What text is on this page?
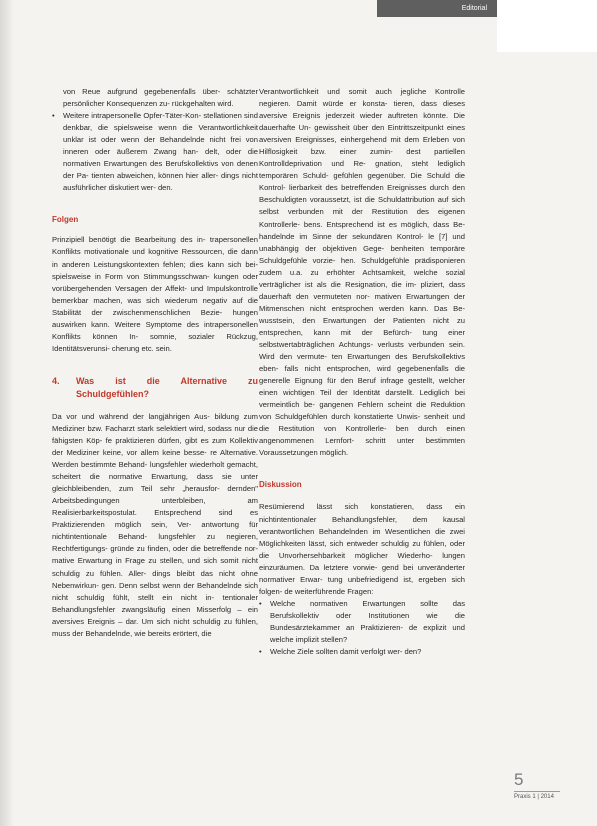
Editorial
von Reue aufgrund gegebenenfalls über- schätzter persönlicher Konsequenzen zu- rückgehalten wird.
• Weitere intrapersonelle Opfer-Täter-Kon- stellationen sind denkbar, die spielsweise wenn die Verantwortlichkeit unklar ist oder wenn der Behandelnde nicht frei von inneren oder äußerem Zwang han- delt, oder die normativen Erwartungen des Berufskollektivs von denen der Pa- tienten abweichen, können hier aller- dings nicht ausführlicher diskutiert wer- den.
Folgen

Prinzipiell benötigt die Bearbeitung des in- trapersonellen Konflikts motivationale und kognitive Ressourcen, die dann in anderen Leistungskontexten fehlen; dies kann sich bei- spielsweise in Form von Stimmungsschwan- kungen oder vorübergehenden Versagen der Affekt- und Impulskontrolle bemerkbar machen, was sich wiederum negativ auf die Stabilität der zwischenmenschlichen Bezie- hungen auswirken kann. Weitere Symptome des intrapersonellen Konflikts können In- somnie, sozialer Rückzug, Identitätsverunsi- cherung etc. sein.

4. Was ist die Alternative zu Schuldgefühlen?

Da vor und während der langjährigen Aus- bildung zum Mediziner bzw. Facharzt stark selektiert wird, sodass nur die fähigsten Köp- fe praktizieren dürfen, gibt es zum Kollektiv der Mediziner keine, vor allem keine besse- re Alternative. Werden bestimmte Behand- lungsfehler wiederholt gemacht, scheitert die normative Erwartung, dass sie unter gleichbleibenden, zum Teil sehr „herausfor- dernden" Arbeitsbedingungen unterbleiben, am Realisierbarkeitspostulat. Entsprechend sind es Praktizierenden möglich sein, Ver- antwortung für nichtintentionale Behand- lungsfehler zu negieren, Rechtfertigungs- gründe zu finden, oder die betreffende nor- mative Erwartung in Frage zu stellen, und sich somit nicht schuldig zu fühlen. Aller- dings bleibt das nicht ohne Nebenwirkun- gen. Denn selbst wenn der Behandelnde sich nicht schuldig fühlt, stellt ein nicht in- tentionaler Behandlungsfehler zwangsläufig einen Misserfolg – ein aversives Ereignis – dar. Um sich nicht schuldig zu fühlen, muss der Behandelnde, wie bereits erörtert, die

Verantwortlichkeit und somit auch jegliche Kontrolle negieren. Damit würde er konsta- tieren, dass dieses aversive Ereignis jederzeit wieder auftreten könnte. Die dauerhafte Un- gewissheit über den Eintrittszeitpunkt eines aversiven Ereignisses, einhergehend mit dem Erleben von Hilflosigkeit bzw. einer zumin- dest partiellen Kontrolldeprivation und Re- gnation, steht lediglich temporären Schuld- gefühlen gegenüber. Die Schuld die Kontrol- lierbarkeit des betreffenden Ereignisses durch den Beschuldigten voraussetzt, ist die Schuldattribution auf sich selbst verbunden mit der Restitution des eigenen Kontrollerle- bens. Entsprechend ist es möglich, dass Be- handelnde im Sinne der sekundären Kontrol- le [7] und unabhängig der objektiven Gege- benheiten temporäre Schuldgefühle vorzie- hen. Schuldgefühle prädisponieren zudem u.a. zu erhöhter Achtsamkeit, welche sozial verträglicher ist als die Resignation, die im- pliziert, dass dauerhaft den vermuteten nor- mativen Erwartungen der Mitmenschen nicht entsprochen werden kann. Das Be- wusstsein, den Erwartungen der Patienten nicht zu entsprechen, kann mit der Befürch- tung einer selbstwertabträglichen Achtungs- verlusts verbunden sein. Wird den vermute- ten Erwartungen des Berufskollektivs eben- falls nicht entsprochen, wird gegebenenfalls die generelle Eignung für den Beruf infrage gestellt, welcher einen wichtigen Teil der Identität darstellt. Lediglich bei vermeintlich be- gangenen Fehlern scheint die Reduktion von Schuldgefühlen durch konstatierte Unwis- senheit und die Restitution von Kontrollerle- ben durch einen angenommenen Lernfort- schritt unter bestimmten Voraussetzungen möglich.

Diskussion

Resümierend lässt sich konstatieren, dass ein nichtintentionaler Behandlungsfehler, dem kausal verantwortlichen Behandelnden im Wesentlichen die zwei Möglichkeiten lässt, sich entweder schuldig zu fühlen, oder die Unvorhersehbarkeit möglicher Wiederho- lungen einzuräumen. Da letztere vorwie- gend bei unveränderter normativer Erwar- tung unbefriedigend ist, ergeben sich folgen- de weiterführende Fragen:

• Welche normativen Erwartungen sollte das Berufskollektiv oder Institutionen wie die Bundesärztekammer an Praktizieren- de explizit und welche implizit stellen?
• Welche Ziele sollten damit verfolgt wer- den?
5
Praxis 1 | 2014
